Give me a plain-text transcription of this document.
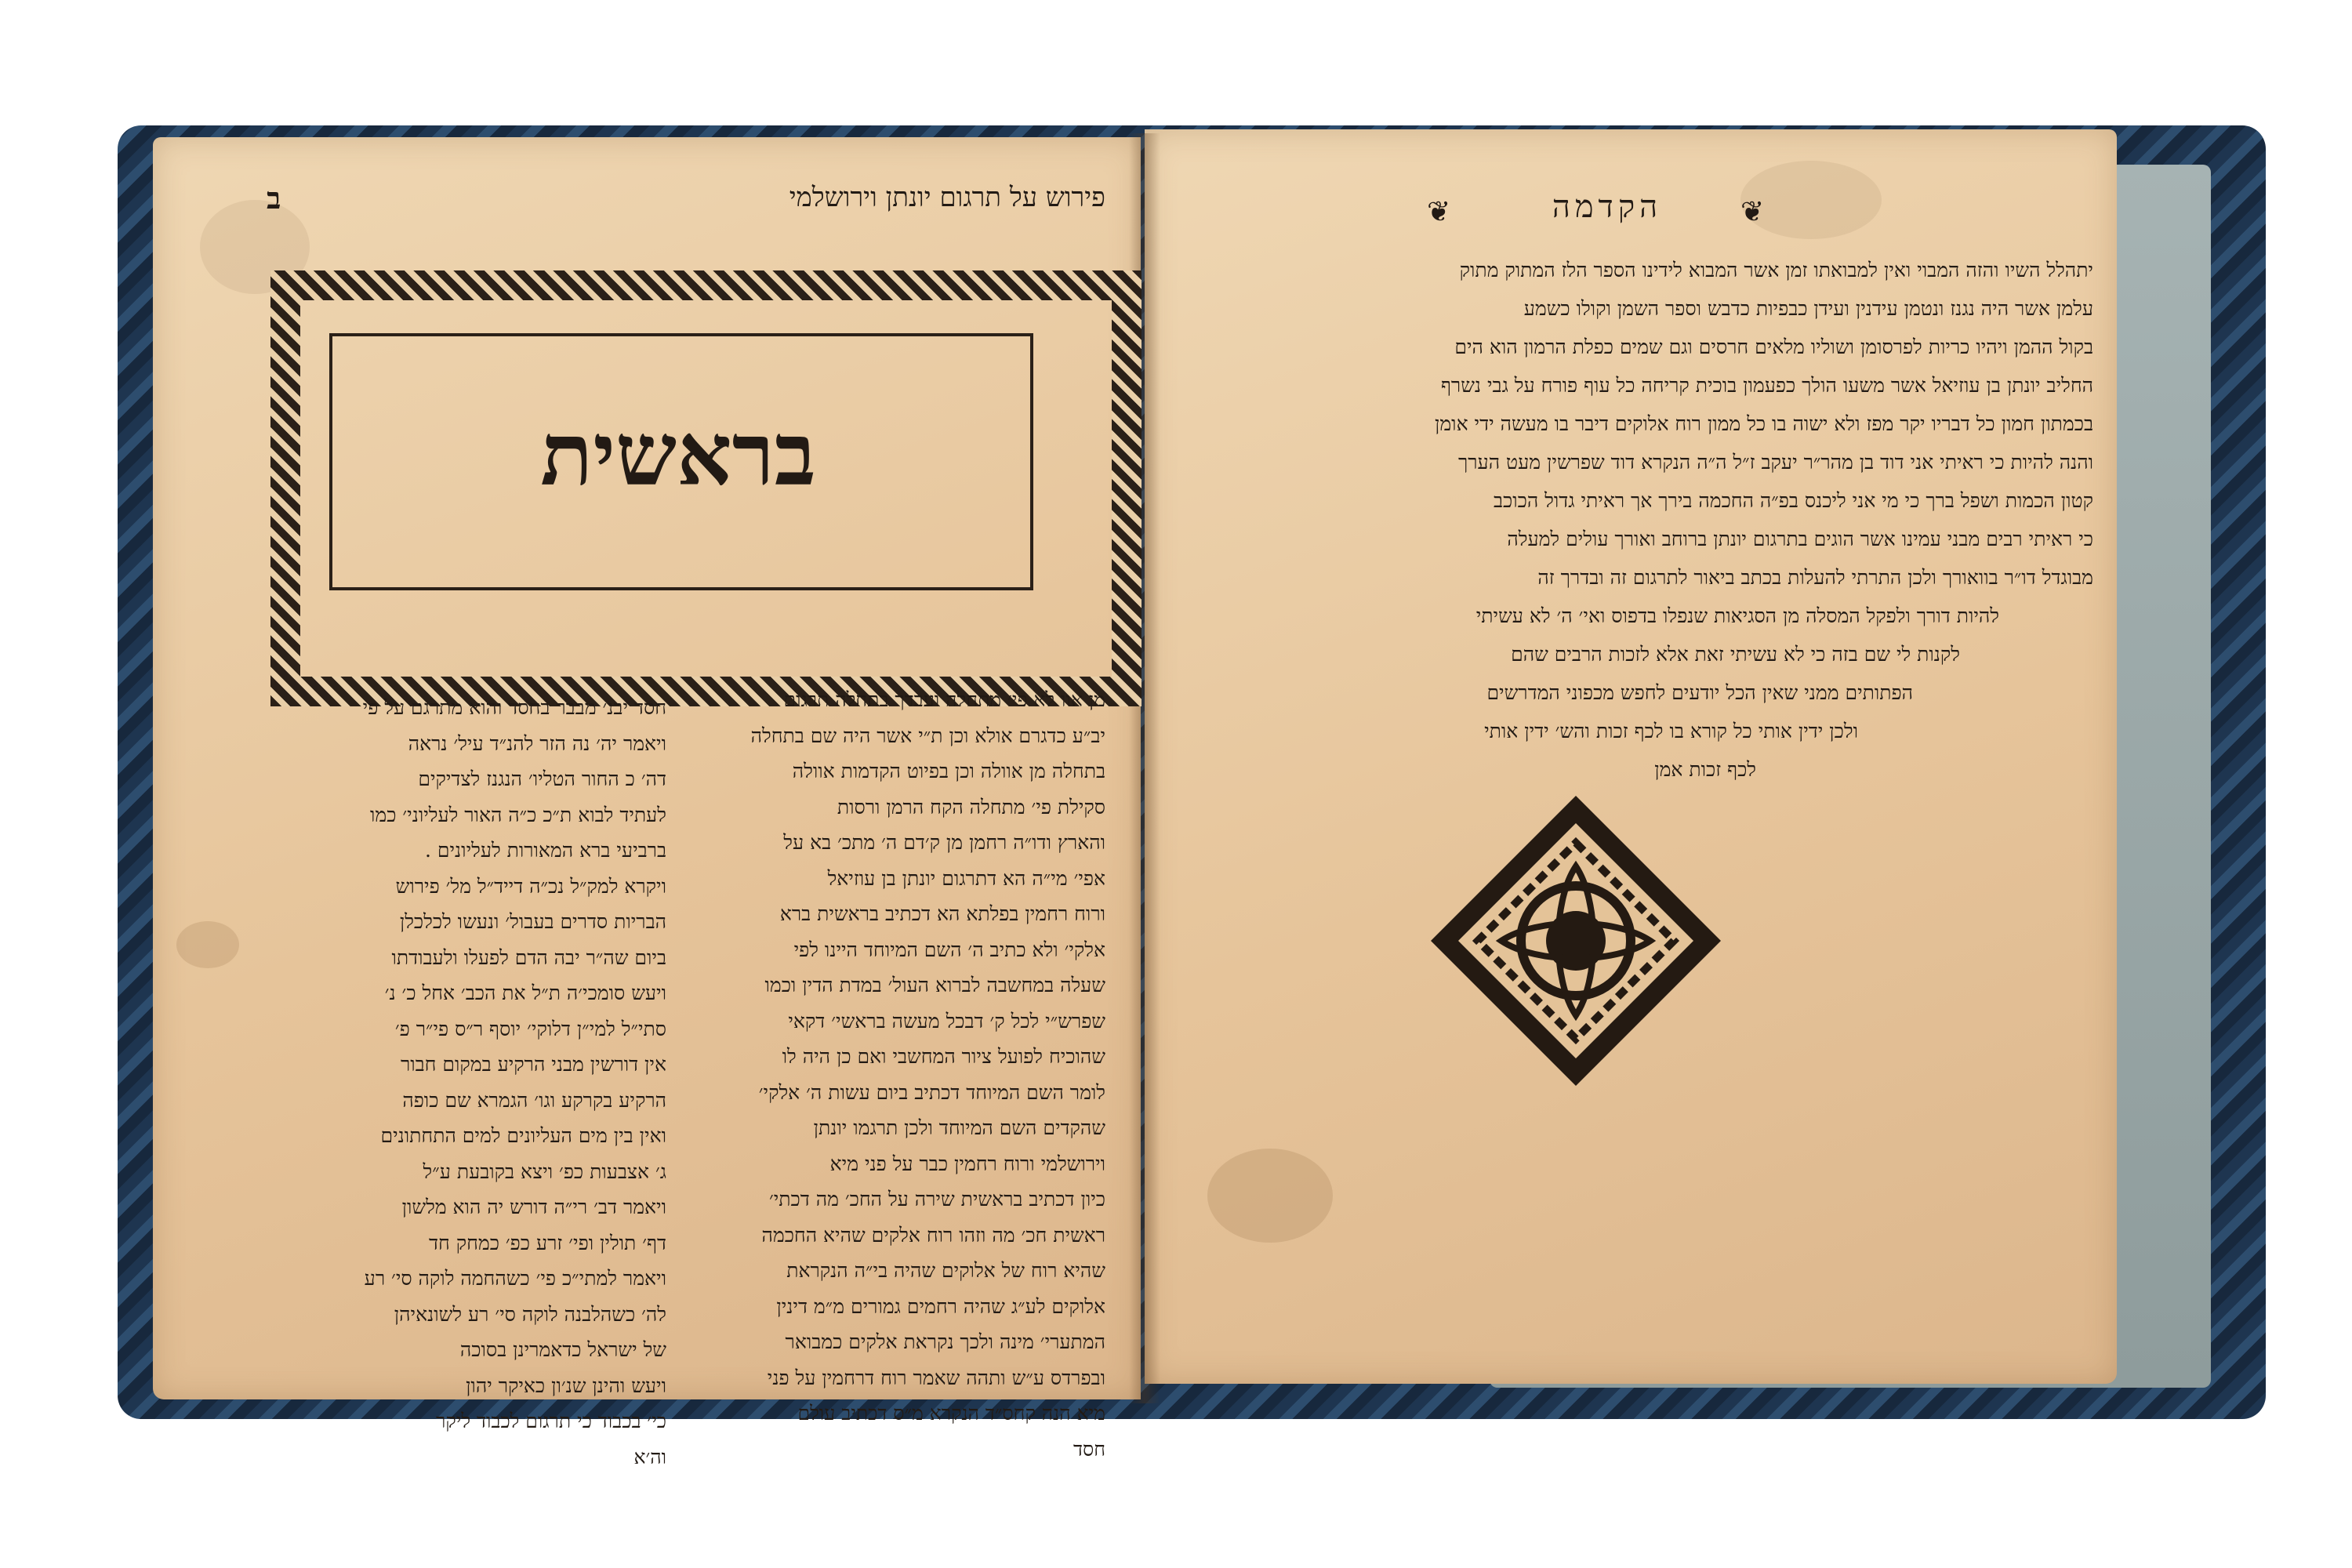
ב	פירוש על תרגום יונתן וירושלמי
בראשית

חסד יבנ׳ מבבר בחסד והוא מתרגם על פי

ויאמר יה׳ נה הזר להנ״ד עיל׳ נראה

דה׳ כ החור הטליו׳ הנגנז לצדיקים

לעתיד לבוא ת״כ כ״ה האור לעליוני׳ כמו

ברביעי ברא המאורות לעליונים .

ויקרא למק״ל נכ״ה דייד״ל מל׳ פירוש

הבריות סדרים בעבול׳ ונעשו לכלכלן

ביום שה״ר יבה הדם לפעלו ולעבודתו

ויעש סומכי׳ה ת״ל את הכב׳ אחל כ׳ נ׳

סתי״ל למי״ן דלוקי׳ יוסף ר״ס פי״ר פ׳

אין דורשין מבני הרקיע במקום חבור

הרקיע בקרקע וגו׳ הגמרא שם כופה

ואין בין מים העליונים למים התחתונים

ג׳ אצבעות כפ׳ ויצא בקובעת ע״ל

ויאמר דב׳ רי״ה דורש יה הוא מלשון

דף׳ תולין ופי׳ זרע כפ׳ כמחק חד

ויאמר למתי״כ פי׳ כשהחמה לוקה סי׳ רע

לה׳ כשהלבנה לוקה סי׳ רע לשונאיהן

של ישראל כדאמרינן בסוכה

ויעש והינן שנ׳ון כאיקר יהון

כי׳ בכבוד כי תרגום לכבוד ליקר

וה׳א

מן אוו לא פי׳ מתחלה ועבדך בתחלה תרגום

יב״ע כדגרם אולא וכן ת״י אשר היה שם בתחלה

בתחלה מן אוולה וכן בפיוט הקדמות אוולה

סקילת פי׳ מתחלה הקח הרמן ורסות

והארץ ודו״ה רחמן מן ק׳דם ה׳ מתכ׳ בא על

אפי׳ מי״ה הא דתרגום יונתן בן עוזיאל

ורוח רחמין בפלתא הא דכתיב בראשית ברא

אלקי׳ ולא כתיב ה׳ השם המיוחד היינו לפי

שעלה במחשבה לברוא העול׳ במדת הדין וכמו

שפרש״י לכל ק׳ דבכל מעשה בראשי׳ דקאי

שהוכיח לפועל ציור המחשבי ואם כן היה לו

לומר השם המיוחד דכתיב ביום עשות ה׳ אלקי׳

שהקדים השם המיוחד ולכן תרגמו יונתן

וירושלמי ורוח רחמין כבר על פני מיא

כיון דכתיב בראשית שירה על החכ׳ מה דכתי׳

ראשית חכ׳ מה וזהו רוח אלקים שהיא החכמה

שהיא רוח של אלוקים שהיה בי״ה הנקראת

אלוקים לע״ג שהיה רחמים גמורים מ״מ דינין

המתערי׳ מינה ולכך נקראת אלקים כמבואר

ובפרדס ע״ש ותהה שאמר רוח דרחמין על פני

מיא הנה קחס״ד הנקרא מ״ס דכתיב עולם

חסד

❦	❦
הקדמה

יתהלל השיו והזה המבוי ואין למבואתו זמן אשר המבוא לידינו הספר הלז המתוק מתוק

עלמן אשר היה נגנז ונטמן עידנין ועידן כבפיות כדבש וספר השמן וקולו כשמע

בקול ההמן ויהיו כריות לפרסומן ושוליו מלאים חרסים וגם שמים כפלת הרמון הוא הים

החליב יונתן בן עוזיאל אשר משעו הולך כפעמון בוכית קריחה כל עוף פורח על גבי נשרף

בכמתון חמון כל דבריו יקר מפז ולא ישוה בו כל ממון רוח אלוקים דיבר בו מעשה ידי אומן

והנה להיות כי ראיתי אני דוד בן מהר״ר יעקב ז״ל ה״ה הנקרא דוד שפרשין מעט הערך

קטון הכמות ושפל ברך כי מי אני ליכנס בפ״ה החכמה בירך אך ראיתי גדול הכוכב

כי ראיתי רבים מבני עמינו אשר הוגים בתרגום יונתן ברוחב ואורך עולים למעלה

מבוגדל דו״ר בוואורך ולכן התרתי להעלות בכתב ביאור לתרגום זה ובדרך זה

להיות דורך ולפקל המסלה מן הסגיאות שנפלו בדפוס ואי׳ ה׳ לא עשיתי

לקנות לי שם בזה כי לא עשיתי זאת אלא לזכות הרבים שהם

הפתותים ממני שאין הכל יודעים לחפש מכפוני המדרשים

ולכן ידין אותי כל קורא בו לכף זכות והש׳ ידין אותי

לכף זכות אמן
